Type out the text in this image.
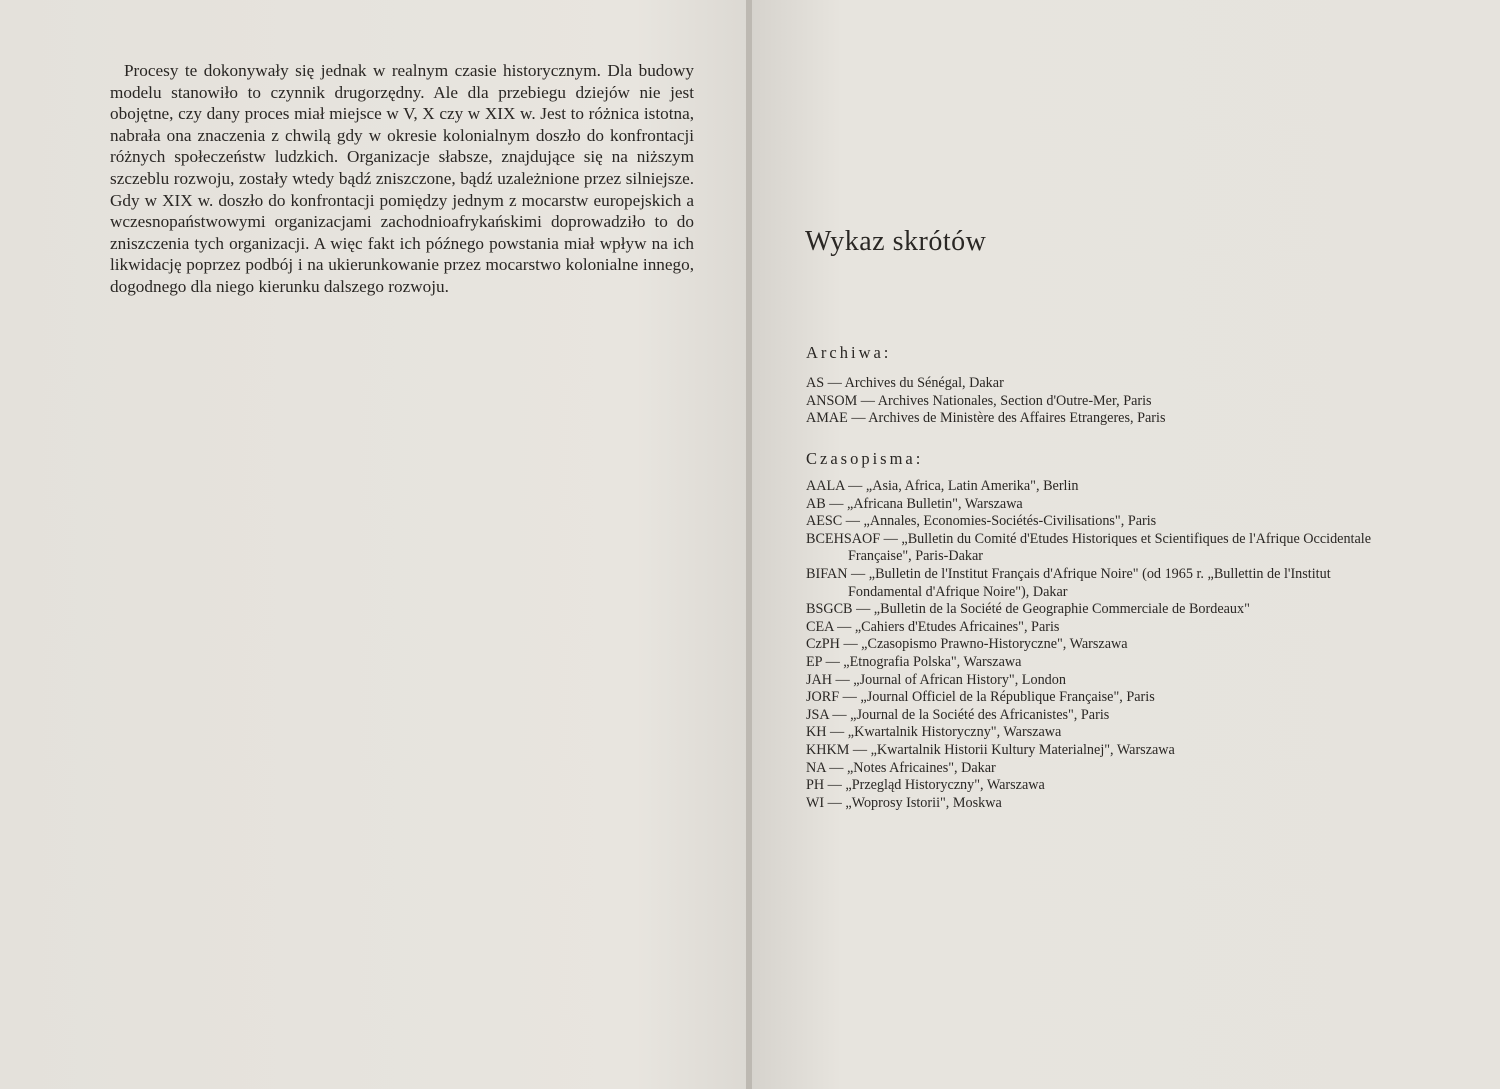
Procesy te dokonywały się jednak w realnym czasie historycznym. Dla budowy modelu stanowiło to czynnik drugorzędny. Ale dla przebiegu dziejów nie jest obojętne, czy dany proces miał miejsce w V, X czy w XIX w. Jest to różnica istotna, nabrała ona znaczenia z chwilą gdy w okresie kolonialnym doszło do konfrontacji różnych społeczeństw ludzkich. Organizacje słabsze, znajdujące się na niższym szczeblu rozwoju, zostały wtedy bądź zniszczone, bądź uzależnione przez silniejsze. Gdy w XIX w. doszło do konfrontacji pomiędzy jednym z mocarstw europejskich a wczesnopaństwowymi organizacjami zachodnioafrykańskimi doprowadziło to do zniszczenia tych organizacji. A więc fakt ich późnego powstania miał wpływ na ich likwidację poprzez podbój i na ukierunkowanie przez mocarstwo kolonialne innego, dogodnego dla niego kierunku dalszego rozwoju.

Wykaz skrótów
Archiwa:
AS — Archives du Sénégal, Dakar
ANSOM — Archives Nationales, Section d'Outre-Mer, Paris
AMAE — Archives de Ministère des Affaires Etrangeres, Paris
Czasopisma:
AALA — „Asia, Africa, Latin Amerika", Berlin
AB — „Africana Bulletin", Warszawa
AESC — „Annales, Economies-Sociétés-Civilisations", Paris
BCEHSAOF — „Bulletin du Comité d'Etudes Historiques et Scientifiques de l'Afrique Occidentale Française", Paris-Dakar
BIFAN — „Bulletin de l'Institut Français d'Afrique Noire" (od 1965 r. „Bullettin de l'Institut Fondamental d'Afrique Noire"), Dakar
BSGCB — „Bulletin de la Société de Geographie Commerciale de Bordeaux"
CEA — „Cahiers d'Etudes Africaines", Paris
CzPH — „Czasopismo Prawno-Historyczne", Warszawa
EP — „Etnografia Polska", Warszawa
JAH — „Journal of African History", London
JORF — „Journal Officiel de la République Française", Paris
JSA — „Journal de la Société des Africanistes", Paris
KH — „Kwartalnik Historyczny", Warszawa
KHKM — „Kwartalnik Historii Kultury Materialnej", Warszawa
NA — „Notes Africaines", Dakar
PH — „Przegląd Historyczny", Warszawa
WI — „Woprosy Istorii", Moskwa
